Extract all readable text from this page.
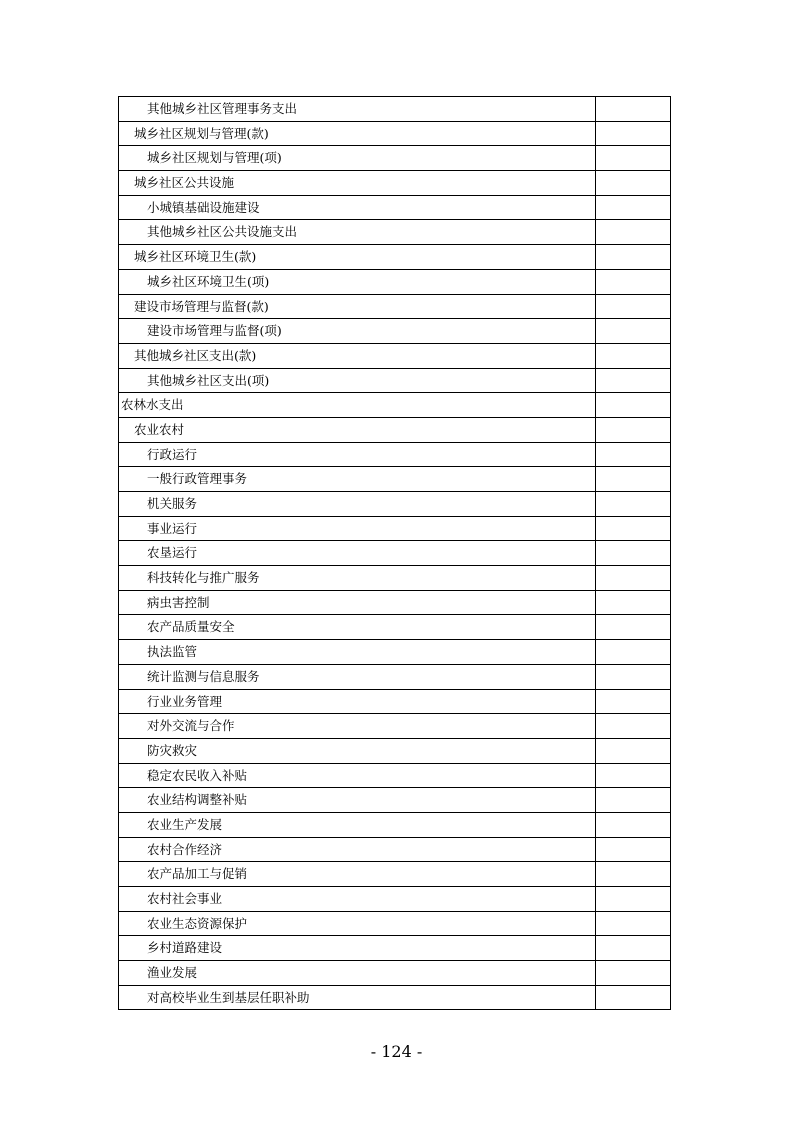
其他城乡社区管理事务支出
城乡社区规划与管理(款)
城乡社区规划与管理(项)
城乡社区公共设施
小城镇基础设施建设
其他城乡社区公共设施支出
城乡社区环境卫生(款)
城乡社区环境卫生(项)
建设市场管理与监督(款)
建设市场管理与监督(项)
其他城乡社区支出(款)
其他城乡社区支出(项)
农林水支出
农业农村
行政运行
一般行政管理事务
机关服务
事业运行
农垦运行
科技转化与推广服务
病虫害控制
农产品质量安全
执法监管
统计监测与信息服务
行业业务管理
对外交流与合作
防灾救灾
稳定农民收入补贴
农业结构调整补贴
农业生产发展
农村合作经济
农产品加工与促销
农村社会事业
农业生态资源保护
乡村道路建设
渔业发展
对高校毕业生到基层任职补助
- 124 -
